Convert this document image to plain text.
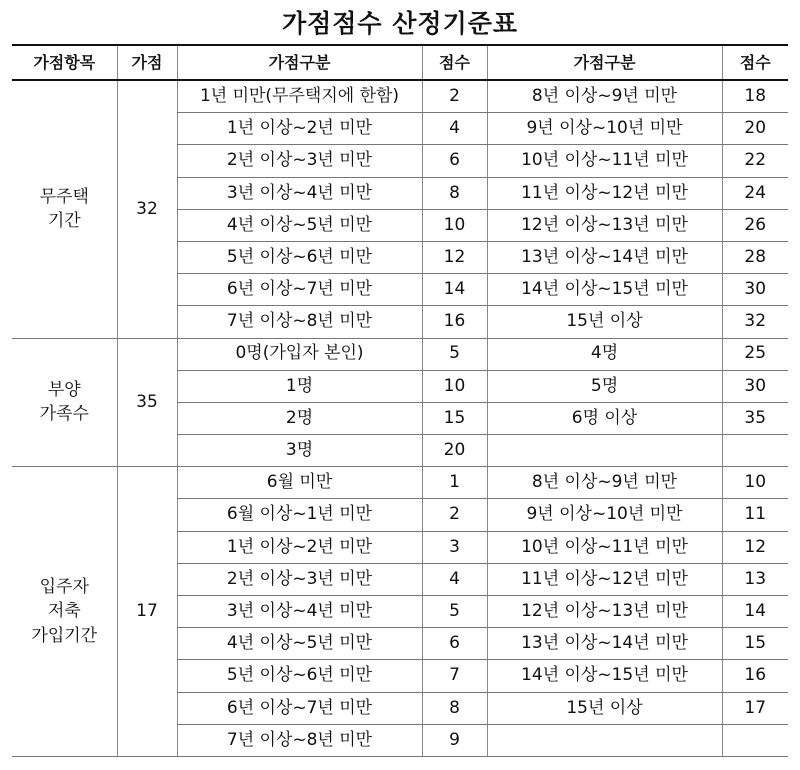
가점점수 산정기준표
가점항목	가점	가점구분	점수	가점구분	점수
무주택
기간	32	1년 미만(무주택지에 한함)	2	8년 이상~9년 미만	18
		1년 이상~2년 미만	4	9년 이상~10년 미만	20
		2년 이상~3년 미만	6	10년 이상~11년 미만	22
		3년 이상~4년 미만	8	11년 이상~12년 미만	24
		4년 이상~5년 미만	10	12년 이상~13년 미만	26
		5년 이상~6년 미만	12	13년 이상~14년 미만	28
		6년 이상~7년 미만	14	14년 이상~15년 미만	30
		7년 이상~8년 미만	16	15년 이상	32
부양
가족수	35	0명(가입자 본인)	5	4명	25
		1명	10	5명	30
		2명	15	6명 이상	35
		3명	20		
입주자
저축
가입기간	17	6월 미만	1	8년 이상~9년 미만	10
		6월 이상~1년 미만	2	9년 이상~10년 미만	11
		1년 이상~2년 미만	3	10년 이상~11년 미만	12
		2년 이상~3년 미만	4	11년 이상~12년 미만	13
		3년 이상~4년 미만	5	12년 이상~13년 미만	14
		4년 이상~5년 미만	6	13년 이상~14년 미만	15
		5년 이상~6년 미만	7	14년 이상~15년 미만	16
		6년 이상~7년 미만	8	15년 이상	17
		7년 이상~8년 미만	9		
